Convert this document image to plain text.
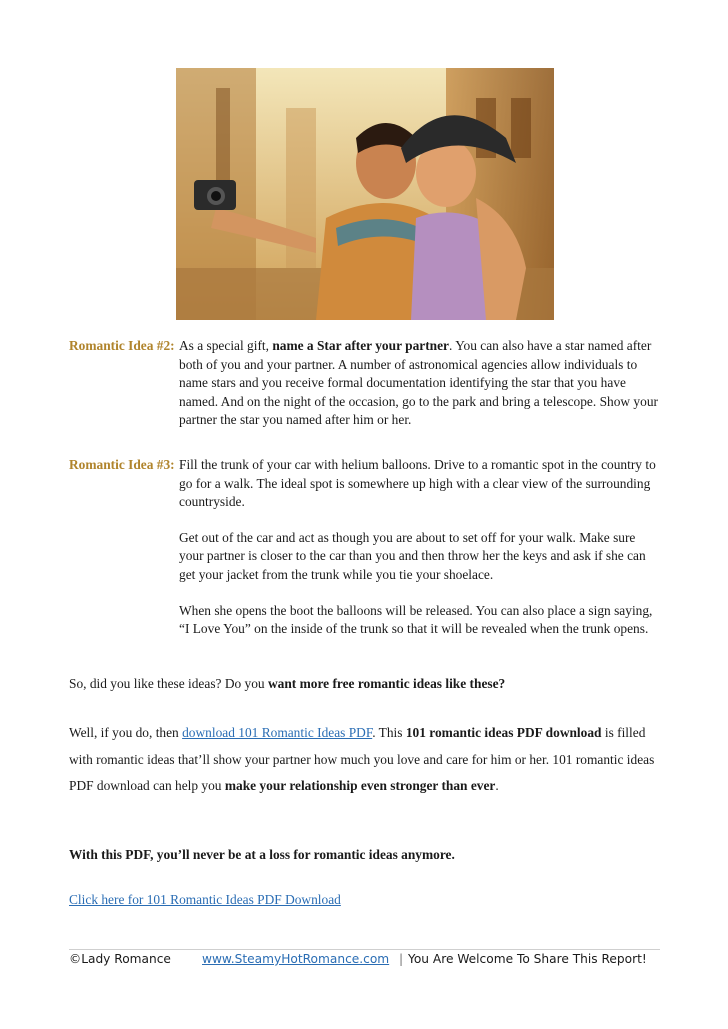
Romantic Idea #2: As a special gift, name a Star after your partner. You can also have a star named after both of you and your partner. A number of astronomical agencies allow individuals to name stars and you receive formal documentation identifying the star that you have named. And on the night of the occasion, go to the park and bring a telescope. Show your partner the star you named after him or her.
Romantic Idea #3: Fill the trunk of your car with helium balloons. Drive to a romantic spot in the country to go for a walk. The ideal spot is somewhere up high with a clear view of the surrounding countryside.
Get out of the car and act as though you are about to set off for your walk. Make sure your partner is closer to the car than you and then throw her the keys and ask if she can get your jacket from the trunk while you tie your shoelace.
When she opens the boot the balloons will be released. You can also place a sign saying, “I Love You” on the inside of the trunk so that it will be revealed when the trunk opens.
So, did you like these ideas? Do you want more free romantic ideas like these?
Well, if you do, then download 101 Romantic Ideas PDF. This 101 romantic ideas PDF download is filled with romantic ideas that’ll show your partner how much you love and care for him or her. 101 romantic ideas PDF download can help you make your relationship even stronger than ever.
With this PDF, you’ll never be at a loss for romantic ideas anymore.
Click here for 101 Romantic Ideas PDF Download
©Lady Romance	www.SteamyHotRomance.com | You Are Welcome To Share This Report!
